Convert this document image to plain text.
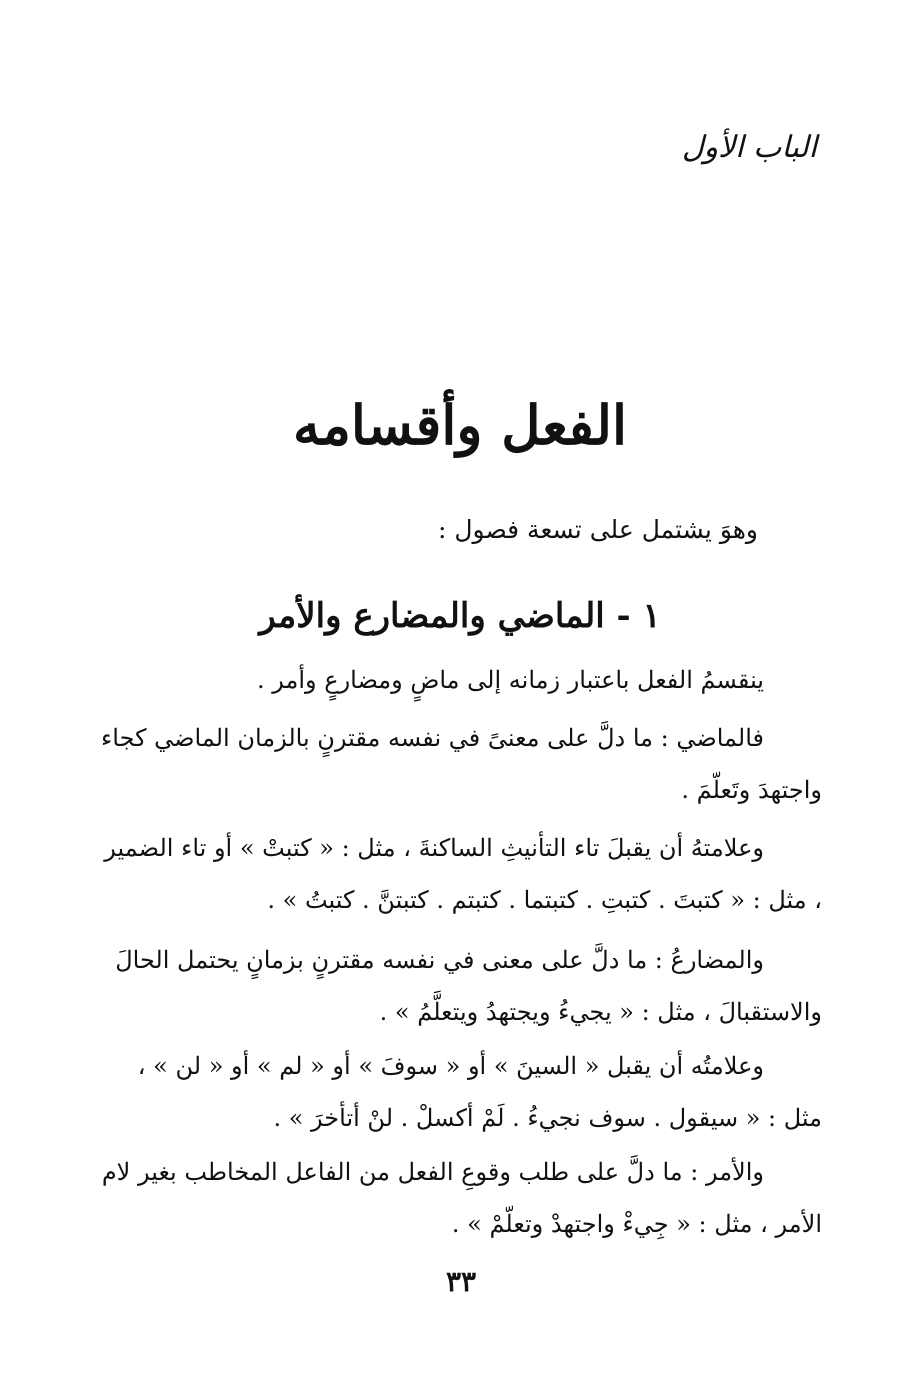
الباب الأول
الفعل وأقسامه
وهوَ يشتمل على تسعة فصول :
١ - الماضي والمضارع والأمر
ينقسمُ الفعل باعتبار زمانه إلى ماضٍ ومضارعٍ وأمر .
فالماضي : ما دلَّ على معنىً في نفسه مقترنٍ بالزمان الماضي كجاء واجتهدَ وتَعلّمَ .
وعلامتهُ أن يقبلَ تاء التأنيثِ الساكنةَ ، مثل : « كتبتْ » أو تاء الضمير ، مثل : « كتبتَ . كتبتِ . كتبتما . كتبتم . كتبتنَّ . كتبتُ » .
والمضارعُ : ما دلَّ على معنى في نفسه مقترنٍ بزمانٍ يحتمل الحالَ والاستقبالَ ، مثل : « يجيءُ ويجتهدُ ويتعلَّمُ » .
وعلامتُه أن يقبل « السينَ » أو « سوفَ » أو « لم » أو « لن » ، مثل : « سيقول . سوف نجيءُ . لَمْ أكسلْ . لنْ أتأخرَ » .
والأمر : ما دلَّ على طلب وقوعِ الفعل من الفاعل المخاطب بغير لام الأمر ، مثل : « جِيءْ واجتهدْ وتعلّمْ » .
٣٣
